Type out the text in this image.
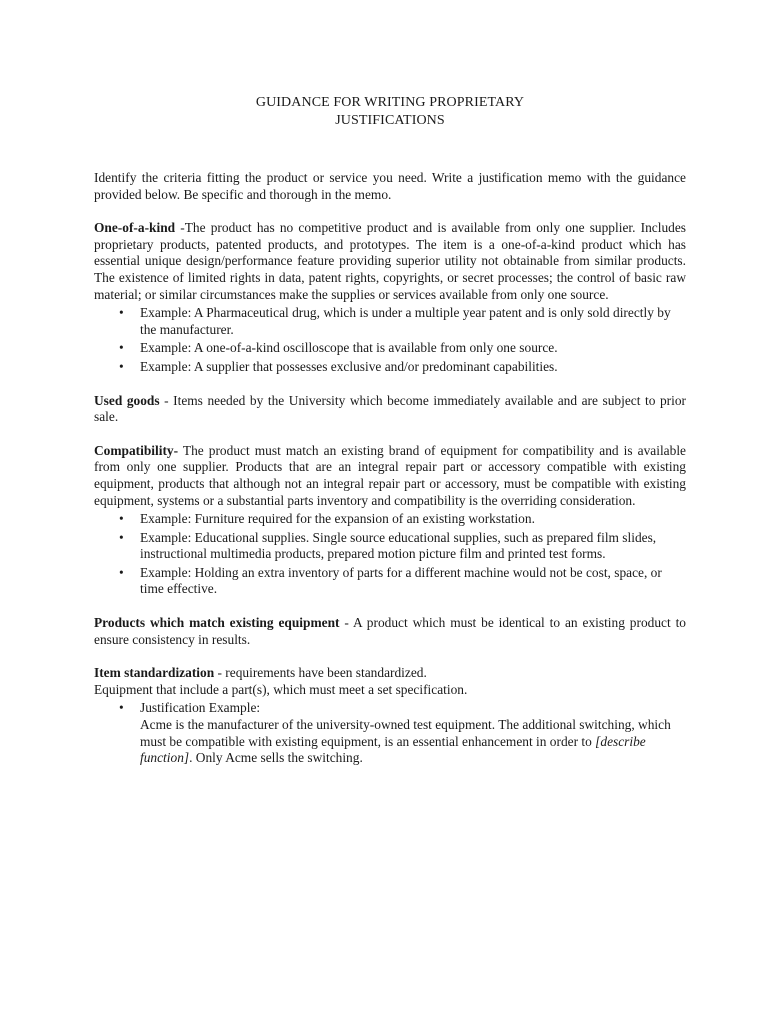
GUIDANCE FOR WRITING PROPRIETARY
JUSTIFICATIONS

Identify the criteria fitting the product or service you need. Write a justification memo with the guidance provided below. Be specific and thorough in the memo.

One-of-a-kind -The product has no competitive product and is available from only one supplier. Includes proprietary products, patented products, and prototypes. The item is a one-of-a-kind product which has essential unique design/performance feature providing superior utility not obtainable from similar products. The existence of limited rights in data, patent rights, copyrights, or secret processes; the control of basic raw material; or similar circumstances make the supplies or services available from only one source.

•	Example: A Pharmaceutical drug, which is under a multiple year patent and is only sold directly by the manufacturer.
•	Example: A one-of-a-kind oscilloscope that is available from only one source.
•	Example: A supplier that possesses exclusive and/or predominant capabilities.

Used goods - Items needed by the University which become immediately available and are subject to prior sale.

Compatibility- The product must match an existing brand of equipment for compatibility and is available from only one supplier. Products that are an integral repair part or accessory compatible with existing equipment, products that although not an integral repair part or accessory, must be compatible with existing equipment, systems or a substantial parts inventory and compatibility is the overriding consideration.

•	Example: Furniture required for the expansion of an existing workstation.
•	Example: Educational supplies. Single source educational supplies, such as prepared film slides, instructional multimedia products, prepared motion picture film and printed test forms.
•	Example: Holding an extra inventory of parts for a different machine would not be cost, space, or time effective.

Products which match existing equipment - A product which must be identical to an existing product to ensure consistency in results.

Item standardization - requirements have been standardized.

Equipment that include a part(s), which must meet a set specification.

•	Justification Example:
Acme is the manufacturer of the university-owned test equipment. The additional switching, which must be compatible with existing equipment, is an essential enhancement in order to [describe function]. Only Acme sells the switching.
